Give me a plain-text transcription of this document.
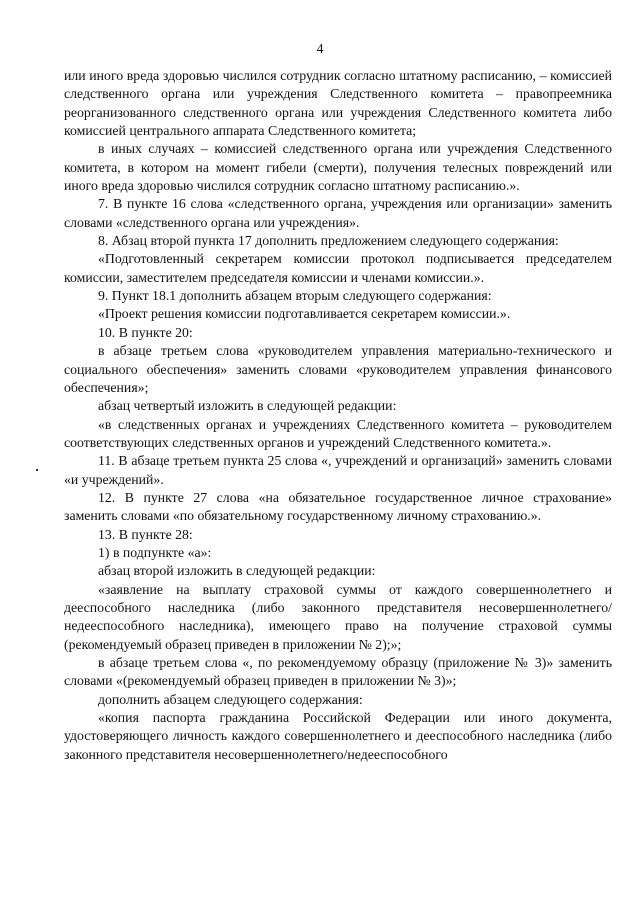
4

или иного вреда здоровью числился сотрудник согласно штатному расписанию, – комиссией следственного органа или учреждения Следственного комитета – правопреемника реорганизованного следственного органа или учреждения Следственного комитета либо комиссией центрального аппарата Следственного комитета;

в иных случаях – комиссией следственного органа или учреждения Следственного комитета, в котором на момент гибели (смерти), получения телесных повреждений или иного вреда здоровью числился сотрудник согласно штатному расписанию.».

7. В пункте 16 слова «следственного органа, учреждения или организации» заменить словами «следственного органа или учреждения».

8. Абзац второй пункта 17 дополнить предложением следующего содержания:

«Подготовленный секретарем комиссии протокол подписывается председателем комиссии, заместителем председателя комиссии и членами комиссии.».

9. Пункт 18.1 дополнить абзацем вторым следующего содержания:

«Проект решения комиссии подготавливается секретарем комиссии.».

10. В пункте 20:

в абзаце третьем слова «руководителем управления материально-технического и социального обеспечения» заменить словами «руководителем управления финансового обеспечения»;

абзац четвертый изложить в следующей редакции:

«в следственных органах и учреждениях Следственного комитета – руководителем соответствующих следственных органов и учреждений Следственного комитета.».

11. В абзаце третьем пункта 25 слова «, учреждений и организаций» заменить словами «и учреждений».

12. В пункте 27 слова «на обязательное государственное личное страхование» заменить словами «по обязательному государственному личному страхованию.».

13. В пункте 28:

1) в подпункте «а»:

абзац второй изложить в следующей редакции:

«заявление на выплату страховой суммы от каждого совершеннолетнего и дееспособного наследника (либо законного представителя несовершеннолетнего/недееспособного наследника), имеющего право на получение страховой суммы (рекомендуемый образец приведен в приложении № 2);»;

в абзаце третьем слова «, по рекомендуемому образцу (приложение № 3)» заменить словами «(рекомендуемый образец приведен в приложении № 3)»;

дополнить абзацем следующего содержания:

«копия паспорта гражданина Российской Федерации или иного документа, удостоверяющего личность каждого совершеннолетнего и дееспособного наследника (либо законного представителя несовершеннолетнего/недееспособного
